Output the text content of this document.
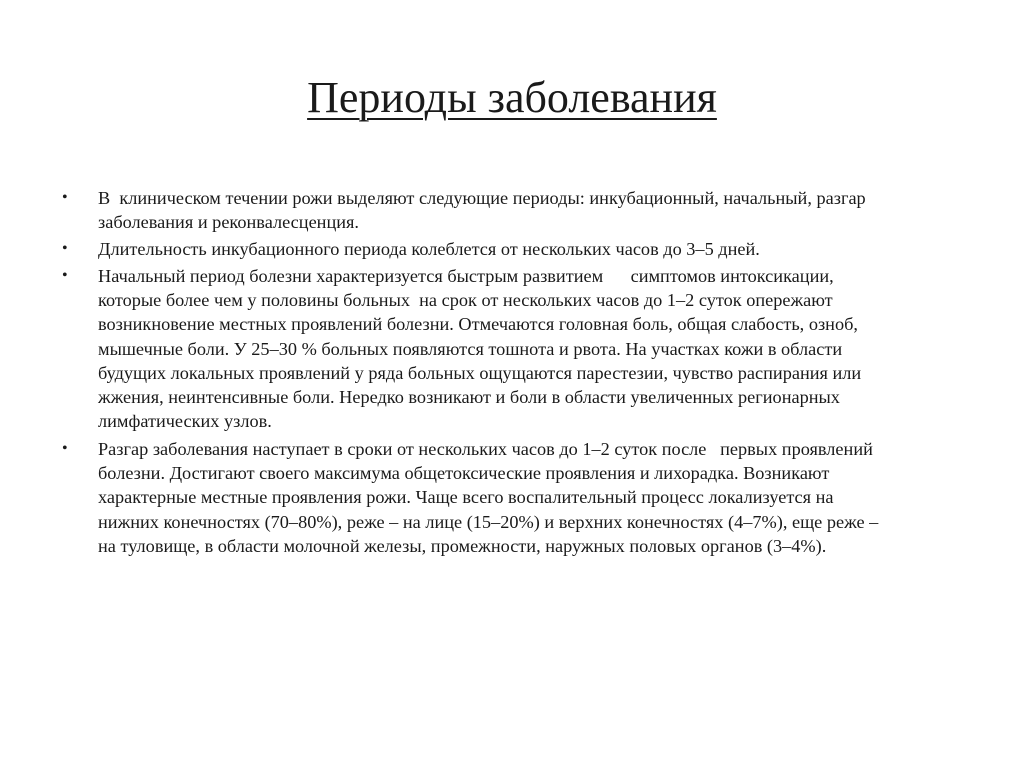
Периоды заболевания
• В  клиническом течении рожи выделяют следующие периоды: инкубационный, начальный, разгар
заболевания и реконвалесценция.
• Длительность инкубационного периода колеблется от нескольких часов до 3–5 дней.
• Начальный период болезни характеризуется быстрым развитием      симптомов интоксикации,
которые более чем у половины больных  на срок от нескольких часов до 1–2 суток опережают
возникновение местных проявлений болезни. Отмечаются головная боль, общая слабость, озноб,
мышечные боли. У 25–30 % больных появляются тошнота и рвота. На участках кожи в области
будущих локальных проявлений у ряда больных ощущаются парестезии, чувство распирания или
жжения, неинтенсивные боли. Нередко возникают и боли в области увеличенных регионарных
лимфатических узлов.
• Разгар заболевания наступает в сроки от нескольких часов до 1–2 суток после   первых проявлений
болезни. Достигают своего максимума общетоксические проявления и лихорадка. Возникают
характерные местные проявления рожи. Чаще всего воспалительный процесс локализуется на
нижних конечностях (70–80%), реже – на лице (15–20%) и верхних конечностях (4–7%), еще реже –
на туловище, в области молочной железы, промежности, наружных половых органов (3–4%).
